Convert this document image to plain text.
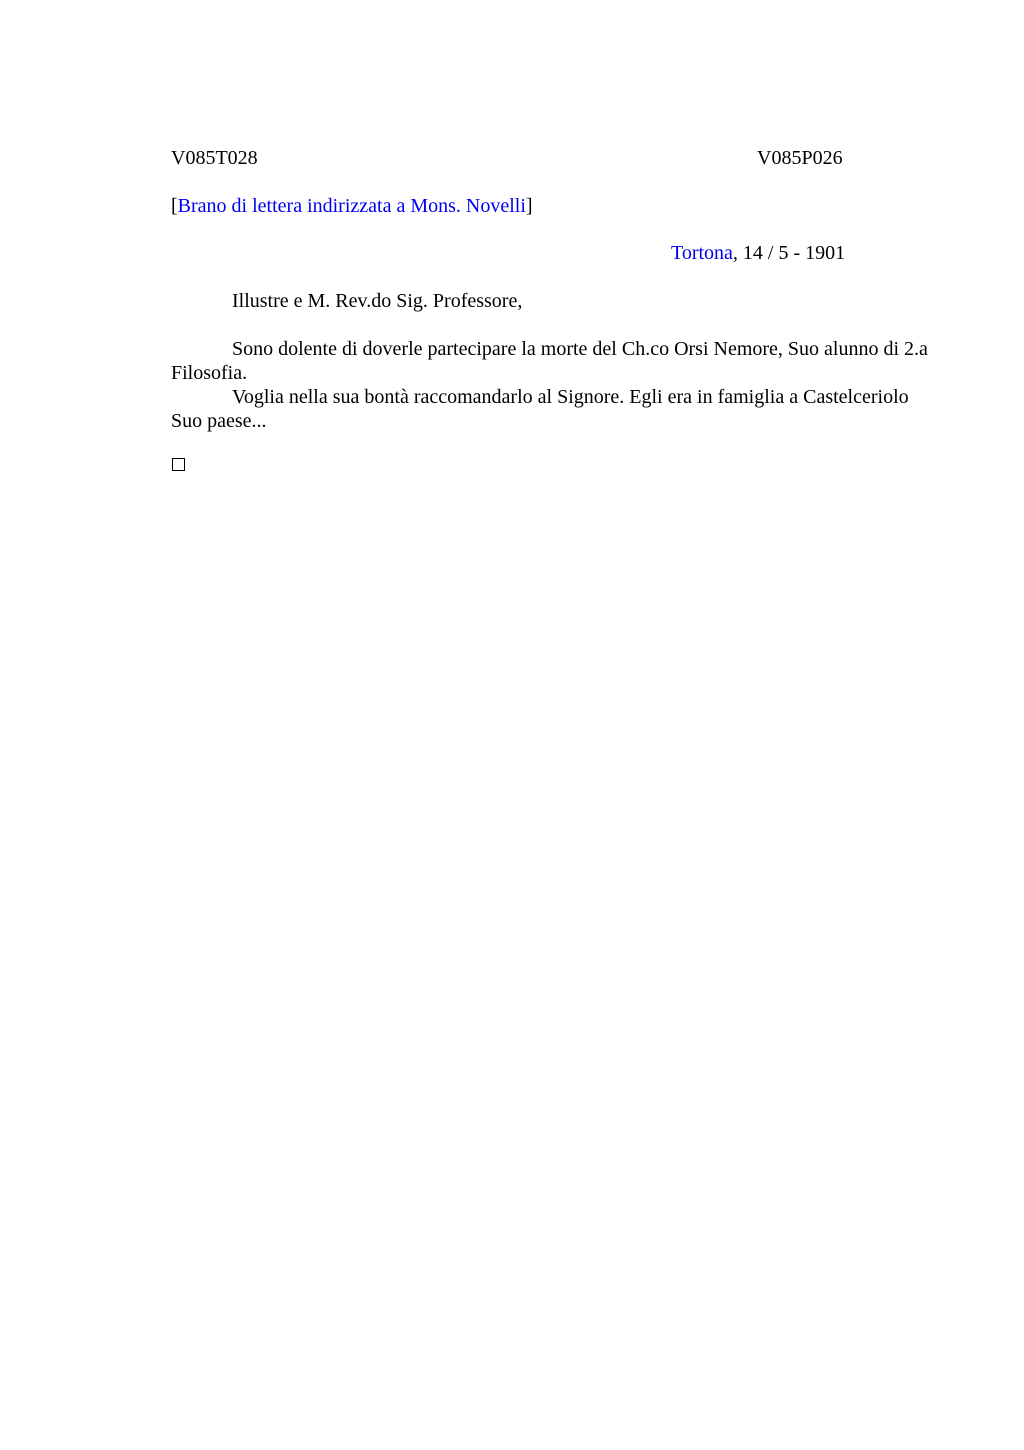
V085T028	V085P026
[Brano di lettera indirizzata a Mons. Novelli]
Tortona, 14 / 5 - 1901
Illustre e M. Rev.do Sig. Professore,

Sono dolente di doverle partecipare la morte del Ch.co Orsi Nemore, Suo alunno di 2.a Filosofia.

Voglia nella sua bontà raccomandarlo al Signore. Egli era in famiglia a Castelceriolo Suo paese...
